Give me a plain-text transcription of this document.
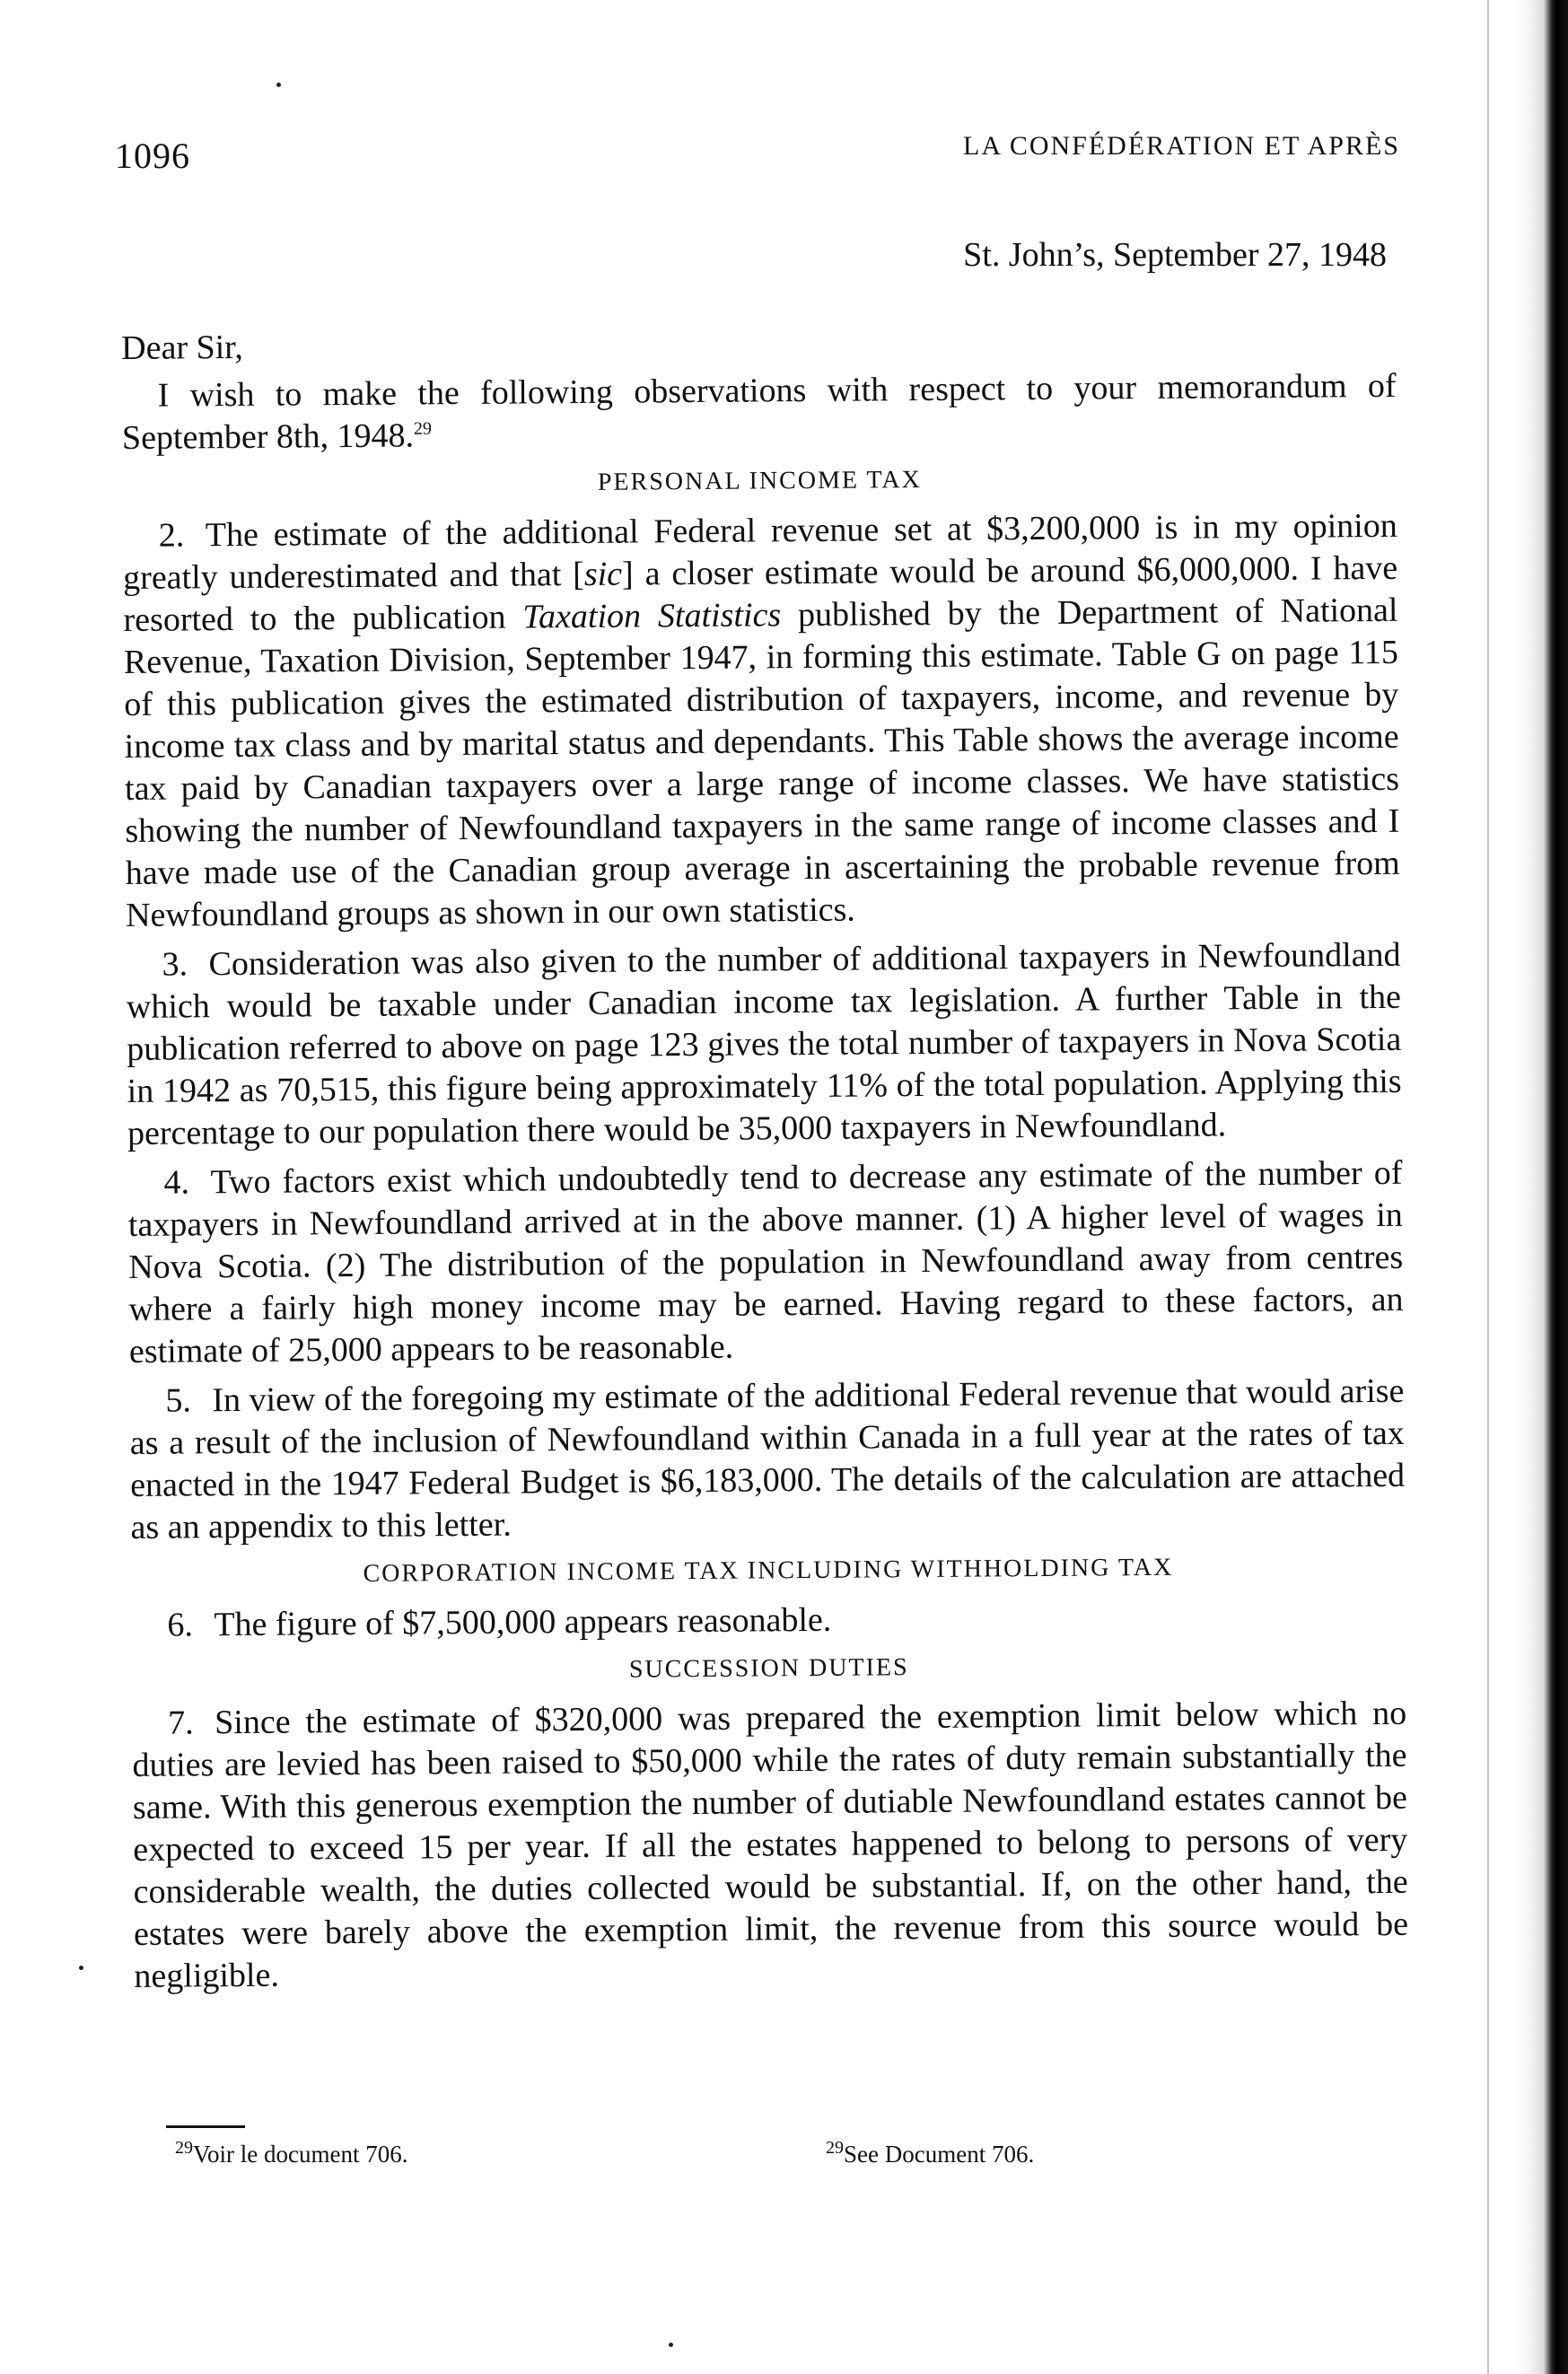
1096	LA CONFÉDÉRATION ET APRÈS
St. John’s, September 27, 1948

Dear Sir,

I wish to make the following observations with respect to your memorandum of September 8th, 1948.29

PERSONAL INCOME TAX

2. The estimate of the additional Federal revenue set at $3,200,000 is in my opinion greatly underestimated and that [sic] a closer estimate would be around $6,000,000. I have resorted to the publication Taxation Statistics published by the Department of National Revenue, Taxation Division, September 1947, in forming this estimate. Table G on page 115 of this publication gives the estimated distribution of taxpayers, income, and revenue by income tax class and by marital status and dependants. This Table shows the average income tax paid by Canadian taxpayers over a large range of income classes. We have statistics showing the number of Newfoundland taxpayers in the same range of income classes and I have made use of the Canadian group average in ascertaining the probable revenue from Newfoundland groups as shown in our own statistics.

3. Consideration was also given to the number of additional taxpayers in Newfoundland which would be taxable under Canadian income tax legislation. A further Table in the publication referred to above on page 123 gives the total number of taxpayers in Nova Scotia in 1942 as 70,515, this figure being approximately 11% of the total population. Applying this percentage to our population there would be 35,000 taxpayers in Newfoundland.

4. Two factors exist which undoubtedly tend to decrease any estimate of the number of taxpayers in Newfoundland arrived at in the above manner. (1) A higher level of wages in Nova Scotia. (2) The distribution of the population in Newfoundland away from centres where a fairly high money income may be earned. Having regard to these factors, an estimate of 25,000 appears to be reasonable.

5. In view of the foregoing my estimate of the additional Federal revenue that would arise as a result of the inclusion of Newfoundland within Canada in a full year at the rates of tax enacted in the 1947 Federal Budget is $6,183,000. The details of the calculation are attached as an appendix to this letter.

CORPORATION INCOME TAX INCLUDING WITHHOLDING TAX

6. The figure of $7,500,000 appears reasonable.

SUCCESSION DUTIES

7. Since the estimate of $320,000 was prepared the exemption limit below which no duties are levied has been raised to $50,000 while the rates of duty remain substantially the same. With this generous exemption the number of dutiable Newfoundland estates cannot be expected to exceed 15 per year. If all the estates happened to belong to persons of very considerable wealth, the duties collected would be substantial. If, on the other hand, the estates were barely above the exemption limit, the revenue from this source would be negligible.

$^{29}$Voir le document 706.	$^{29}$See Document 706.
